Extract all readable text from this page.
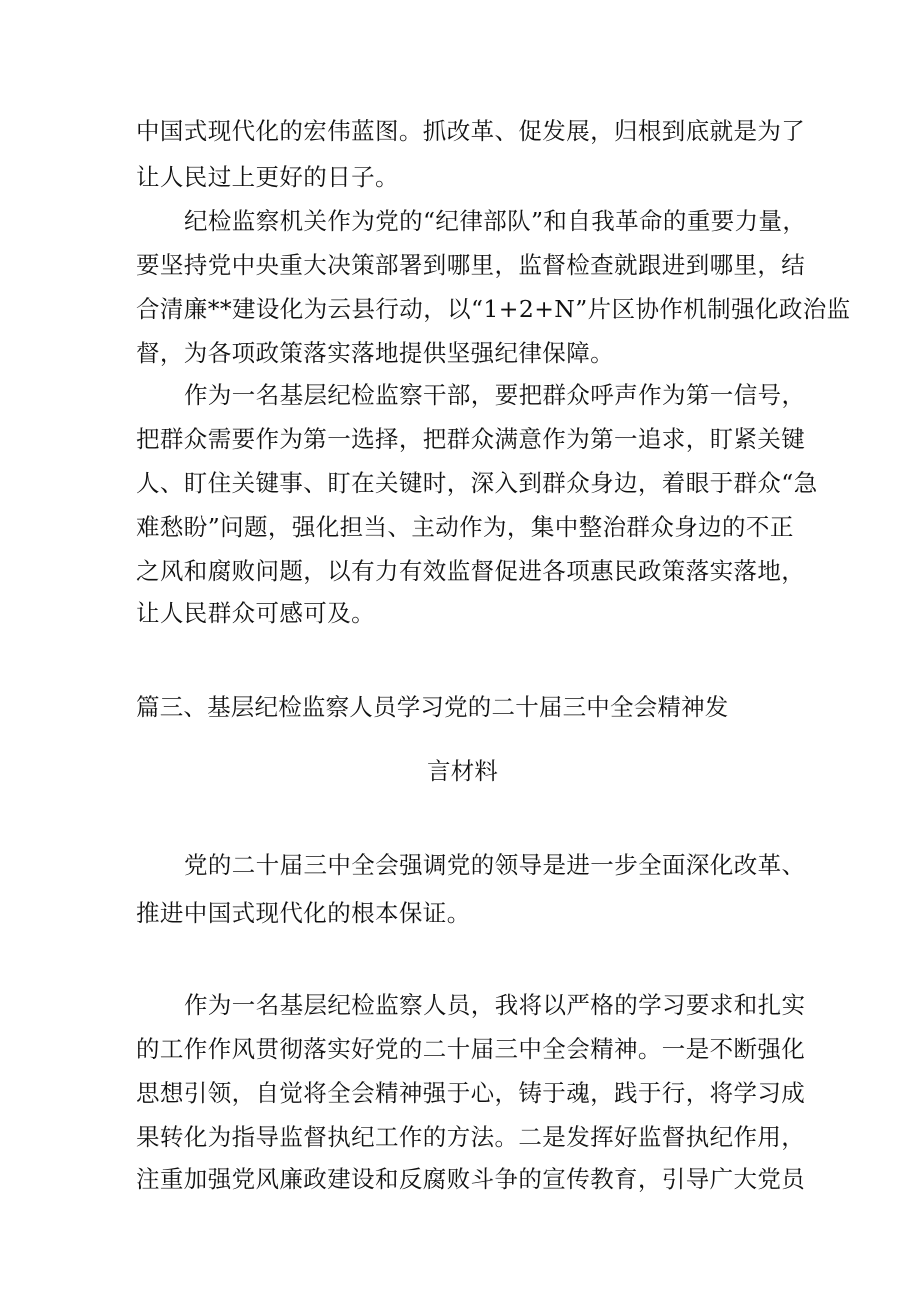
中国式现代化的宏伟蓝图。抓改革、促发展，归根到底就是为了
让人民过上更好的日子。
纪检监察机关作为党的“纪律部队”和自我革命的重要力量，
要坚持党中央重大决策部署到哪里，监督检查就跟进到哪里，结
合清廉**建设化为云县行动，以“1+2+N”片区协作机制强化政治监
督，为各项政策落实落地提供坚强纪律保障。
作为一名基层纪检监察干部，要把群众呼声作为第一信号，
把群众需要作为第一选择，把群众满意作为第一追求，盯紧关键
人、盯住关键事、盯在关键时，深入到群众身边，着眼于群众“急
难愁盼”问题，强化担当、主动作为，集中整治群众身边的不正
之风和腐败问题，以有力有效监督促进各项惠民政策落实落地，
让人民群众可感可及。
篇三、基层纪检监察人员学习党的二十届三中全会精神发
言材料
党的二十届三中全会强调党的领导是进一步全面深化改革、
推进中国式现代化的根本保证。
作为一名基层纪检监察人员，我将以严格的学习要求和扎实
的工作作风贯彻落实好党的二十届三中全会精神。一是不断强化
思想引领，自觉将全会精神强于心，铸于魂，践于行，将学习成
果转化为指导监督执纪工作的方法。二是发挥好监督执纪作用，
注重加强党风廉政建设和反腐败斗争的宣传教育，引导广大党员
